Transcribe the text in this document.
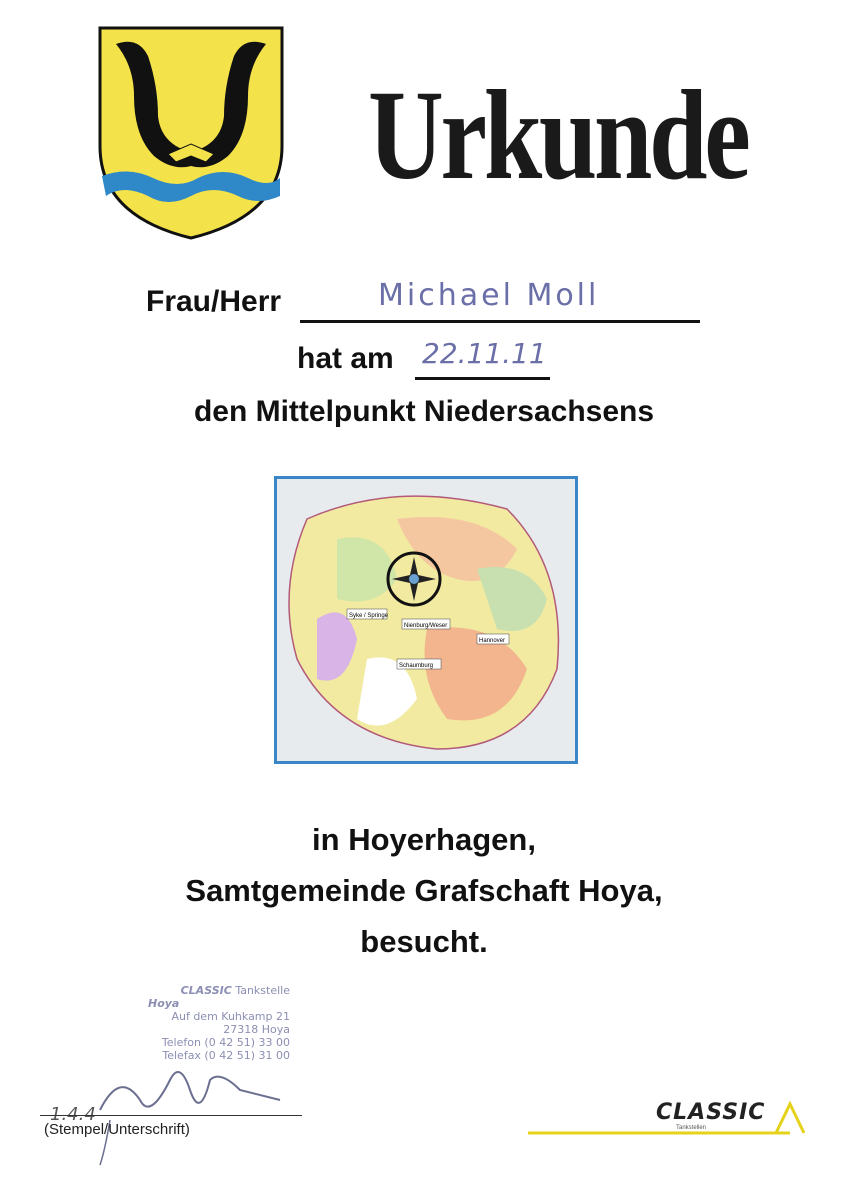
Urkunde
Frau/Herr	Michael Moll
hat am 22.11.11
den Mittelpunkt Niedersachsens
Syke / Springe
Nienburg/Weser
Schaumburg
Hannover
in Hoyerhagen,
Samtgemeinde Grafschaft Hoya,
besucht.
CLASSIC Tankstelle
Hoya
Auf dem Kuhkamp 21
27318 Hoya
Telefon (0 42 51) 33 00
Telefax (0 42 51) 31 00
1.4.4
(Stempel/Unterschrift)
CLASSIC
Tankstellen
